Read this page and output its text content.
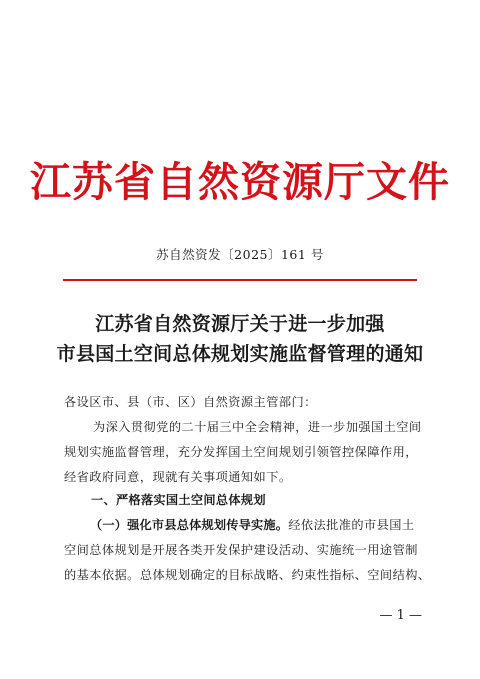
江苏省自然资源厅文件
苏自然资发〔2025〕161 号
江苏省自然资源厅关于进一步加强
市县国土空间总体规划实施监督管理的通知
各设区市、县（市、区）自然资源主管部门：
为深入贯彻党的二十届三中全会精神，进一步加强国土空间
规划实施监督管理，充分发挥国土空间规划引领管控保障作用，
经省政府同意，现就有关事项通知如下。
一、严格落实国土空间总体规划
（一）强化市县总体规划传导实施。经依法批准的市县国土
空间总体规划是开展各类开发保护建设活动、实施统一用途管制
的基本依据。总体规划确定的目标战略、约束性指标、空间结构、
— 1 —
